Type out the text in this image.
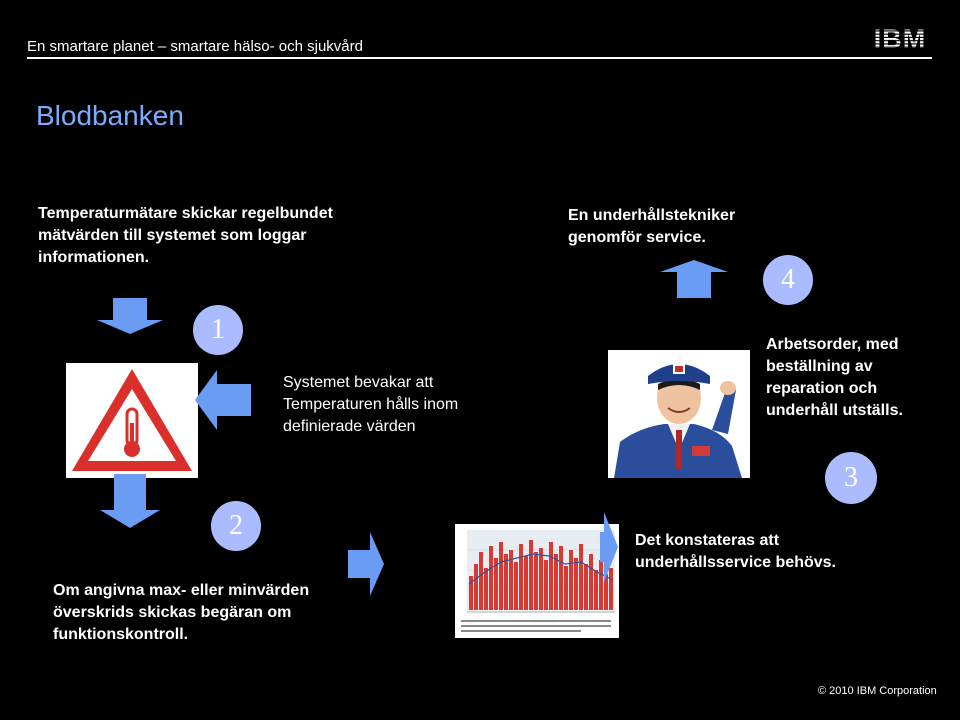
En smartare planet – smartare hälso- och sjukvård	IBM
Blodbanken
Temperaturmätare skickar regelbundet mätvärden till systemet som loggar informationen.
En underhållstekniker genomför service.
1
Systemet bevakar att Temperaturen hålls inom definierade värden
2
Om angivna max- eller minvärden överskrids skickas begäran om funktionskontroll.
Det konstateras att underhållsservice behövs.
3
4
Arbetsorder, med beställning av reparation och underhåll utställs.
© 2010 IBM Corporation
